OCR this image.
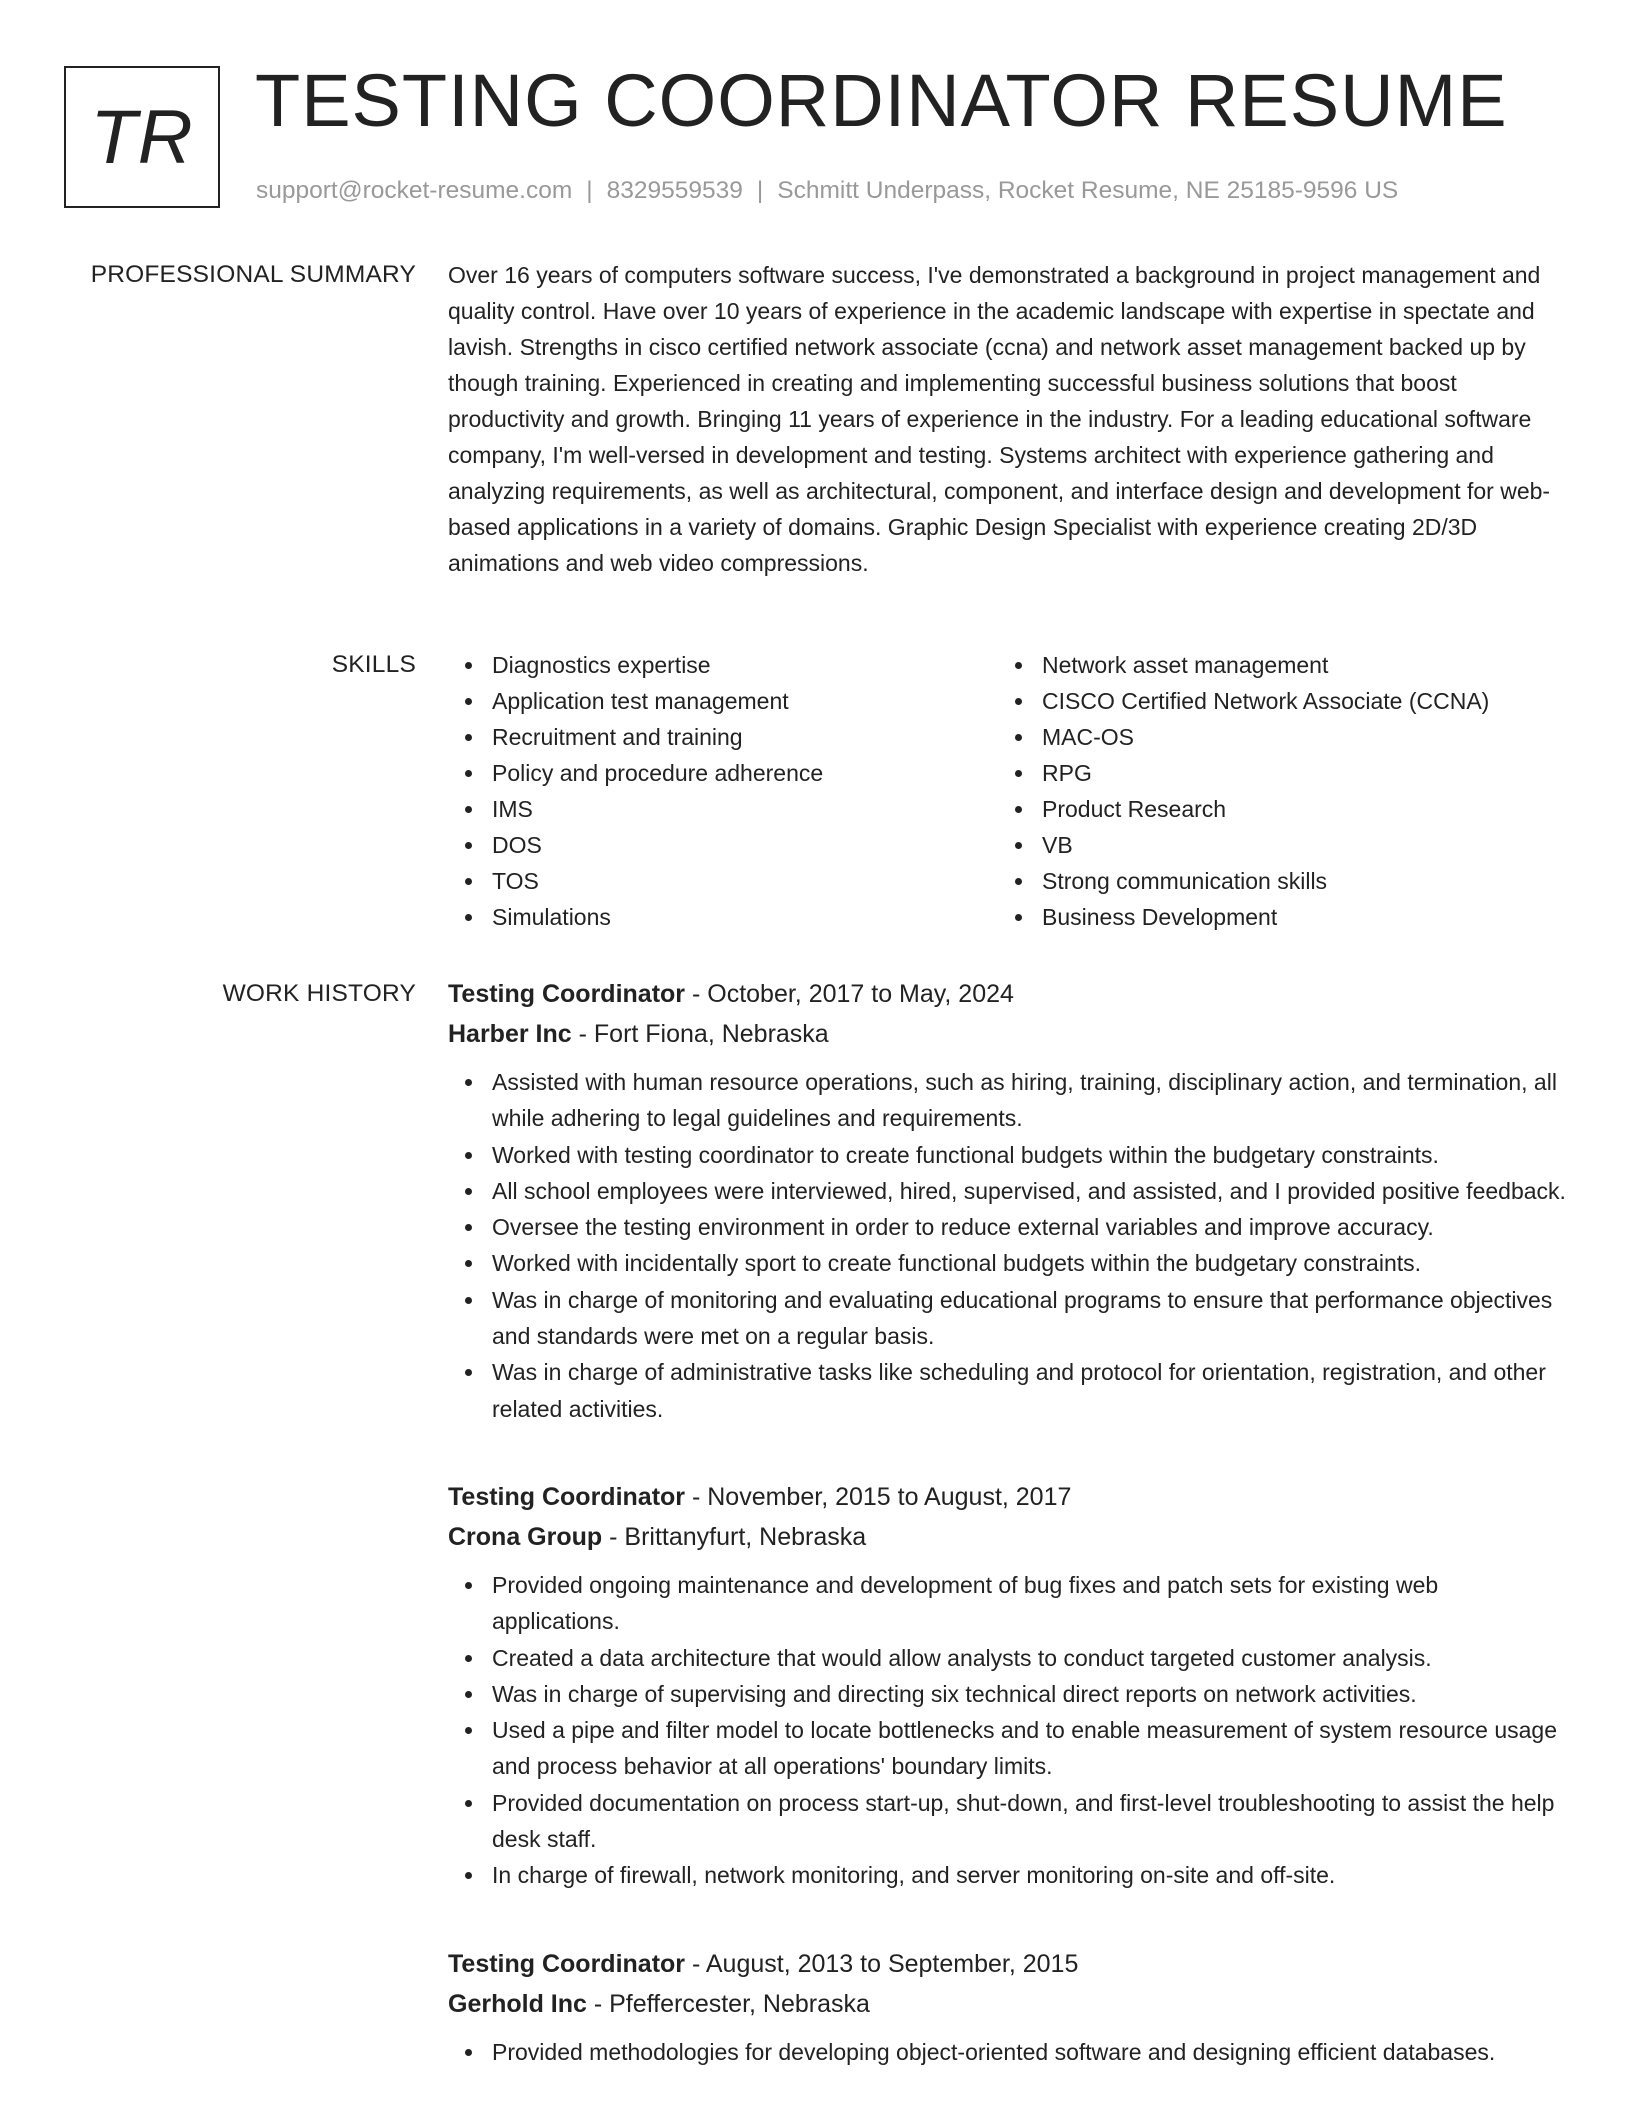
TR TESTING COORDINATOR RESUME
support@rocket-resume.com | 8329559539 | Schmitt Underpass, Rocket Resume, NE 25185-9596 US
PROFESSIONAL SUMMARY Over 16 years of computers software success, I've demonstrated a background in project management and quality control. Have over 10 years of experience in the academic landscape with expertise in spectate and lavish. Strengths in cisco certified network associate (ccna) and network asset management backed up by though training. Experienced in creating and implementing successful business solutions that boost productivity and growth. Bringing 11 years of experience in the industry. For a leading educational software company, I'm well-versed in development and testing. Systems architect with experience gathering and analyzing requirements, as well as architectural, component, and interface design and development for web-based applications in a variety of domains. Graphic Design Specialist with experience creating 2D/3D animations and web video compressions.

SKILLS	Diagnostics expertise
Application test management
Recruitment and training
Policy and procedure adherence
IMS
DOS
TOS
Simulations
Network asset management
CISCO Certified Network Associate (CCNA)
MAC-OS
RPG
Product Research
VB
Strong communication skills
Business Development
WORK HISTORY Testing Coordinator - October, 2017 to May, 2024
Harber Inc - Fort Fiona, Nebraska
Assisted with human resource operations, such as hiring, training, disciplinary action, and termination, all while adhering to legal guidelines and requirements.
Worked with testing coordinator to create functional budgets within the budgetary constraints.
All school employees were interviewed, hired, supervised, and assisted, and I provided positive feedback.
Oversee the testing environment in order to reduce external variables and improve accuracy.
Worked with incidentally sport to create functional budgets within the budgetary constraints.
Was in charge of monitoring and evaluating educational programs to ensure that performance objectives and standards were met on a regular basis.
Was in charge of administrative tasks like scheduling and protocol for orientation, registration, and other related activities.
Testing Coordinator - November, 2015 to August, 2017
Crona Group - Brittanyfurt, Nebraska
Provided ongoing maintenance and development of bug fixes and patch sets for existing web applications.
Created a data architecture that would allow analysts to conduct targeted customer analysis.
Was in charge of supervising and directing six technical direct reports on network activities.
Used a pipe and filter model to locate bottlenecks and to enable measurement of system resource usage and process behavior at all operations' boundary limits.
Provided documentation on process start-up, shut-down, and first-level troubleshooting to assist the help desk staff.
In charge of firewall, network monitoring, and server monitoring on-site and off-site.
Testing Coordinator - August, 2013 to September, 2015
Gerhold Inc - Pfeffercester, Nebraska
Provided methodologies for developing object-oriented software and designing efficient databases.
